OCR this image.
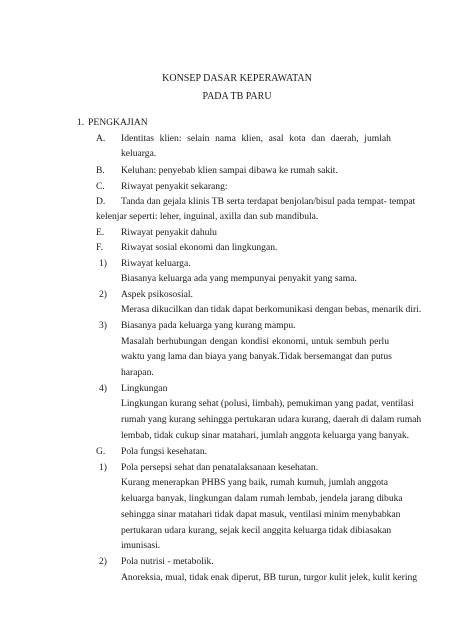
KONSEP DASAR KEPERAWATAN
PADA TB PARU
1. PENGKAJIAN
A. Identitas klien: selain nama klien, asal kota dan daerah, jumlah
keluarga.
B. Keluhan: penyebab klien sampai dibawa ke rumah sakit.
C. Riwayat penyakit sekarang:
D. Tanda dan gejala klinis TB serta terdapat benjolan/bisul pada tempat- tempat
kelenjar seperti: leher, inguinal, axilla dan sub mandibula.
E. Riwayat penyakit dahulu
F. Riwayat sosial ekonomi dan lingkungan.
1) Riwayat keluarga.
Biasanya keluarga ada yang mempunyai penyakit yang sama.
2) Aspek psikososial.
Merasa dikucilkan dan tidak dapat berkomunikasi dengan bebas, menarik diri.
3) Biasanya pada keluarga yang kurang mampu.
Masalah berhubungan dengan kondisi ekonomi, untuk sembuh perlu
waktu yang lama dan biaya yang banyak.Tidak bersemangat dan putus
harapan.
4) Lingkungan
Lingkungan kurang sehat (polusi, limbah), pemukiman yang padat, ventilasi
rumah yang kurang sehingga pertukaran udara kurang, daerah di dalam rumah
lembab, tidak cukup sinar matahari, jumlah anggota keluarga yang banyak.
G. Pola fungsi kesehatan.
1) Pola persepsi sehat dan penatalaksanaan kesehatan.
Kurang menerapkan PHBS yang baik, rumah kumuh, jumlah anggota
keluarga banyak, lingkungan dalam rumah lembab, jendela jarang dibuka
sehingga sinar matahari tidak dapat masuk, ventilasi minim menybabkan
pertukaran udara kurang, sejak kecil anggita keluarga tidak dibiasakan
imunisasi.
2) Pola nutrisi - metabolik.
Anoreksia, mual, tidak enak diperut, BB turun, turgor kulit jelek, kulit kering
